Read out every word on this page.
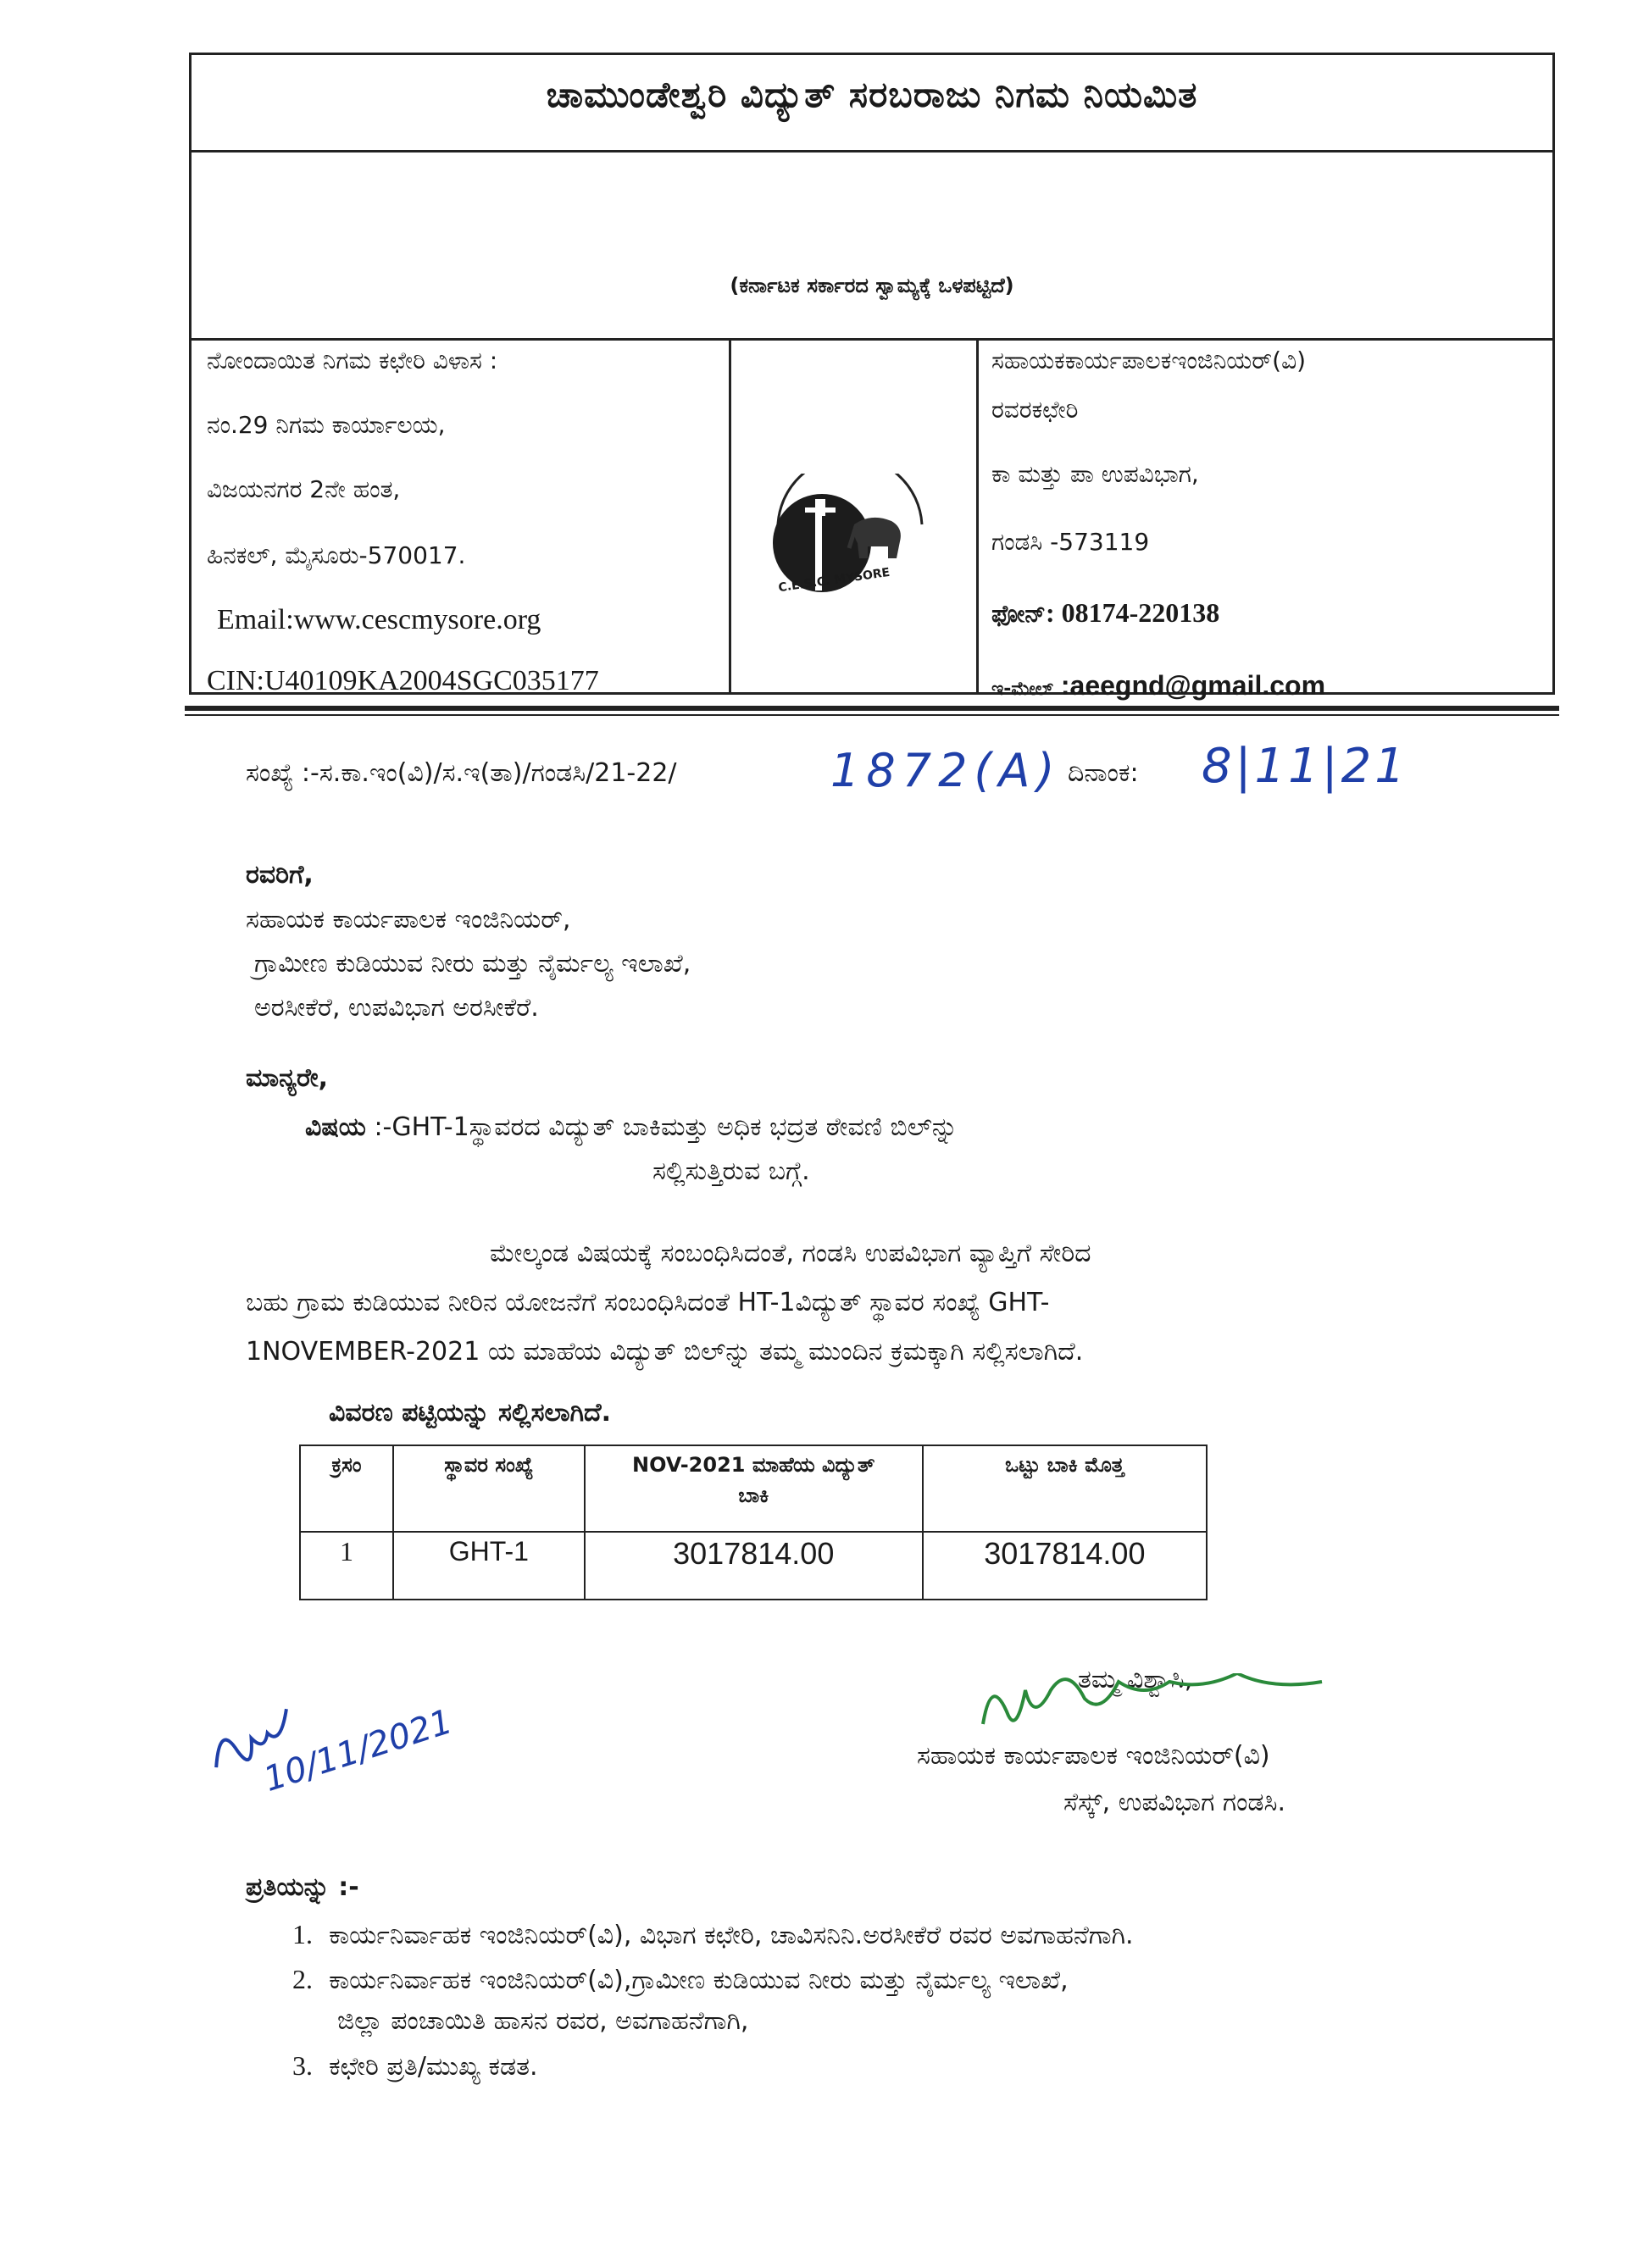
ಚಾಮುಂಡೇಶ್ವರಿ ವಿದ್ಯುತ್ ಸರಬರಾಜು ನಿಗಮ ನಿಯಮಿತ
(ಕರ್ನಾಟಕ ಸರ್ಕಾರದ ಸ್ವಾಮ್ಯಕ್ಕೆ ಒಳಪಟ್ಟಿದೆ)
ನೋಂದಾಯಿತ ನಿಗಮ ಕಛೇರಿ ವಿಳಾಸ :
ನಂ.29 ನಿಗಮ ಕಾರ್ಯಾಲಯ,
ವಿಜಯನಗರ 2ನೇ ಹಂತ,
ಹಿನಕಲ್, ಮೈಸೂರು-570017.
Email:www.cescmysore.org
CIN:U40109KA2004SGC035177
C.E.S.C. MYSORE
ಸಹಾಯಕಕಾರ್ಯಪಾಲಕಇಂಜಿನಿಯರ್(ವಿ)
ರವರಕಛೇರಿ
ಕಾ ಮತ್ತು ಪಾ ಉಪವಿಭಾಗ,
ಗಂಡಸಿ -573119
ಫೋನ್: 08174-220138
ಇ-ಮೇಲ್ :aeegnd@gmail.com
ಸಂಖ್ಯೆ :-ಸ.ಕಾ.ಇಂ(ವಿ)/ಸ.ಇ(ತಾ)/ಗಂಡಸಿ/21-22/	1872(A) ದಿನಾಂಕ: 8|11|21
ರವರಿಗೆ,
ಸಹಾಯಕ ಕಾರ್ಯಪಾಲಕ ಇಂಜಿನಿಯರ್,
ಗ್ರಾಮೀಣ ಕುಡಿಯುವ ನೀರು ಮತ್ತು ನೈರ್ಮಲ್ಯ ಇಲಾಖೆ,
ಅರಸೀಕೆರೆ, ಉಪವಿಭಾಗ ಅರಸೀಕೆರೆ.
ಮಾನ್ಯರೇ,
ವಿಷಯ :-GHT-1ಸ್ಥಾವರದ ವಿದ್ಯುತ್ ಬಾಕಿಮತ್ತು ಅಧಿಕ ಭದ್ರತ ಠೇವಣಿ ಬಿಲ್‌ನ್ನು
ಸಲ್ಲಿಸುತ್ತಿರುವ ಬಗ್ಗೆ.
ಮೇಲ್ಕಂಡ ವಿಷಯಕ್ಕೆ ಸಂಬಂಧಿಸಿದಂತೆ, ಗಂಡಸಿ ಉಪವಿಭಾಗ ವ್ಯಾಪ್ತಿಗೆ ಸೇರಿದ
ಬಹು ಗ್ರಾಮ ಕುಡಿಯುವ ನೀರಿನ ಯೋಜನೆಗೆ ಸಂಬಂಧಿಸಿದಂತೆ HT-1ವಿದ್ಯುತ್ ಸ್ಥಾವರ ಸಂಖ್ಯೆ GHT-
1NOVEMBER-2021 ಯ ಮಾಹೆಯ ವಿದ್ಯುತ್ ಬಿಲ್‌ನ್ನು ತಮ್ಮ ಮುಂದಿನ ಕ್ರಮಕ್ಕಾಗಿ ಸಲ್ಲಿಸಲಾಗಿದೆ.
ವಿವರಣ ಪಟ್ಟಿಯನ್ನು ಸಲ್ಲಿಸಲಾಗಿದೆ.
ಕ್ರಸಂ	ಸ್ಥಾವರ ಸಂಖ್ಯೆ	NOV-2021 ಮಾಹೆಯ ವಿದ್ಯುತ್ ಬಾಕಿ	ಒಟ್ಟು ಬಾಕಿ ಮೊತ್ತ
1	GHT-1	3017814.00	3017814.00
ತಮ್ಮ ವಿಶ್ವಾಸಿ,
ಸಹಾಯಕ ಕಾರ್ಯಪಾಲಕ ಇಂಜಿನಿಯರ್(ವಿ)
ಸೆಸ್ಕ್, ಉಪವಿಭಾಗ ಗಂಡಸಿ.
10/11/2021
ಪ್ರತಿಯನ್ನು :-
1. ಕಾರ್ಯನಿರ್ವಾಹಕ ಇಂಜಿನಿಯರ್(ವಿ), ವಿಭಾಗ ಕಛೇರಿ, ಚಾವಿಸನಿನಿ.ಅರಸೀಕೆರೆ ರವರ ಅವಗಾಹನೆಗಾಗಿ.
2. ಕಾರ್ಯನಿರ್ವಾಹಕ ಇಂಜಿನಿಯರ್(ವಿ),ಗ್ರಾಮೀಣ ಕುಡಿಯುವ ನೀರು ಮತ್ತು ನೈರ್ಮಲ್ಯ ಇಲಾಖೆ,
ಜಿಲ್ಲಾ ಪಂಚಾಯಿತಿ ಹಾಸನ ರವರ, ಅವಗಾಹನೆಗಾಗಿ,
3. ಕಛೇರಿ ಪ್ರತಿ/ಮುಖ್ಯ ಕಡತ.
